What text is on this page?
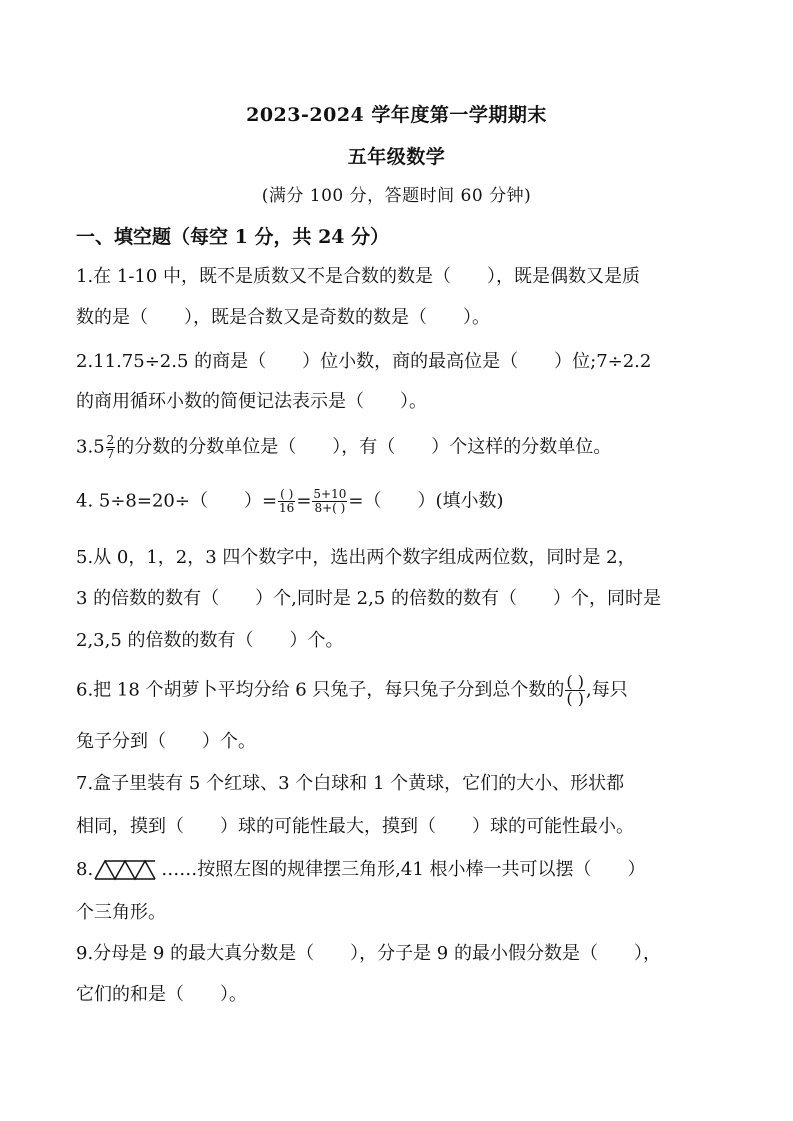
2023-2024 学年度第一学期期末
五年级数学
(满分 100 分，答题时间 60 分钟)
一、填空题（每空 1 分，共 24 分）
1.在 1-10 中，既不是质数又不是合数的数是（　　），既是偶数又是质
数的是（　　），既是合数又是奇数的数是（　　）。
2.11.75÷2.5 的商是（　　）位小数，商的最高位是（　　）位;7÷2.2
的商用循环小数的简便记法表示是（　　）。
$3.5 \frac{2}{7}$ 的分数的分数单位是（　　），有（　　）个这样的分数单位。
4. 5÷8=20÷（　　）= $\frac{( )}{16} = \frac{5+10}{8+( )}$ =（　　）(填小数)
5.从 0，1，2，3 四个数字中，选出两个数字组成两位数，同时是 2，
3 的倍数的数有（　　）个,同时是 2,5 的倍数的数有（　　）个，同时是
2,3,5 的倍数的数有（　　）个。
6.把 18 个胡萝卜平均分给 6 只兔子，每只兔子分到总个数的 $\frac{( )}{( )}$ ,每只
兔子分到（　　）个。
7.盒子里装有 5 个红球、3 个白球和 1 个黄球，它们的大小、形状都
相同，摸到（　　）球的可能性最大，摸到（　　）球的可能性最小。
8.	……按照左图的规律摆三角形,41 根小棒一共可以摆（　　）
个三角形。
9.分母是 9 的最大真分数是（　　），分子是 9 的最小假分数是（　　），
它们的和是（　　）。
